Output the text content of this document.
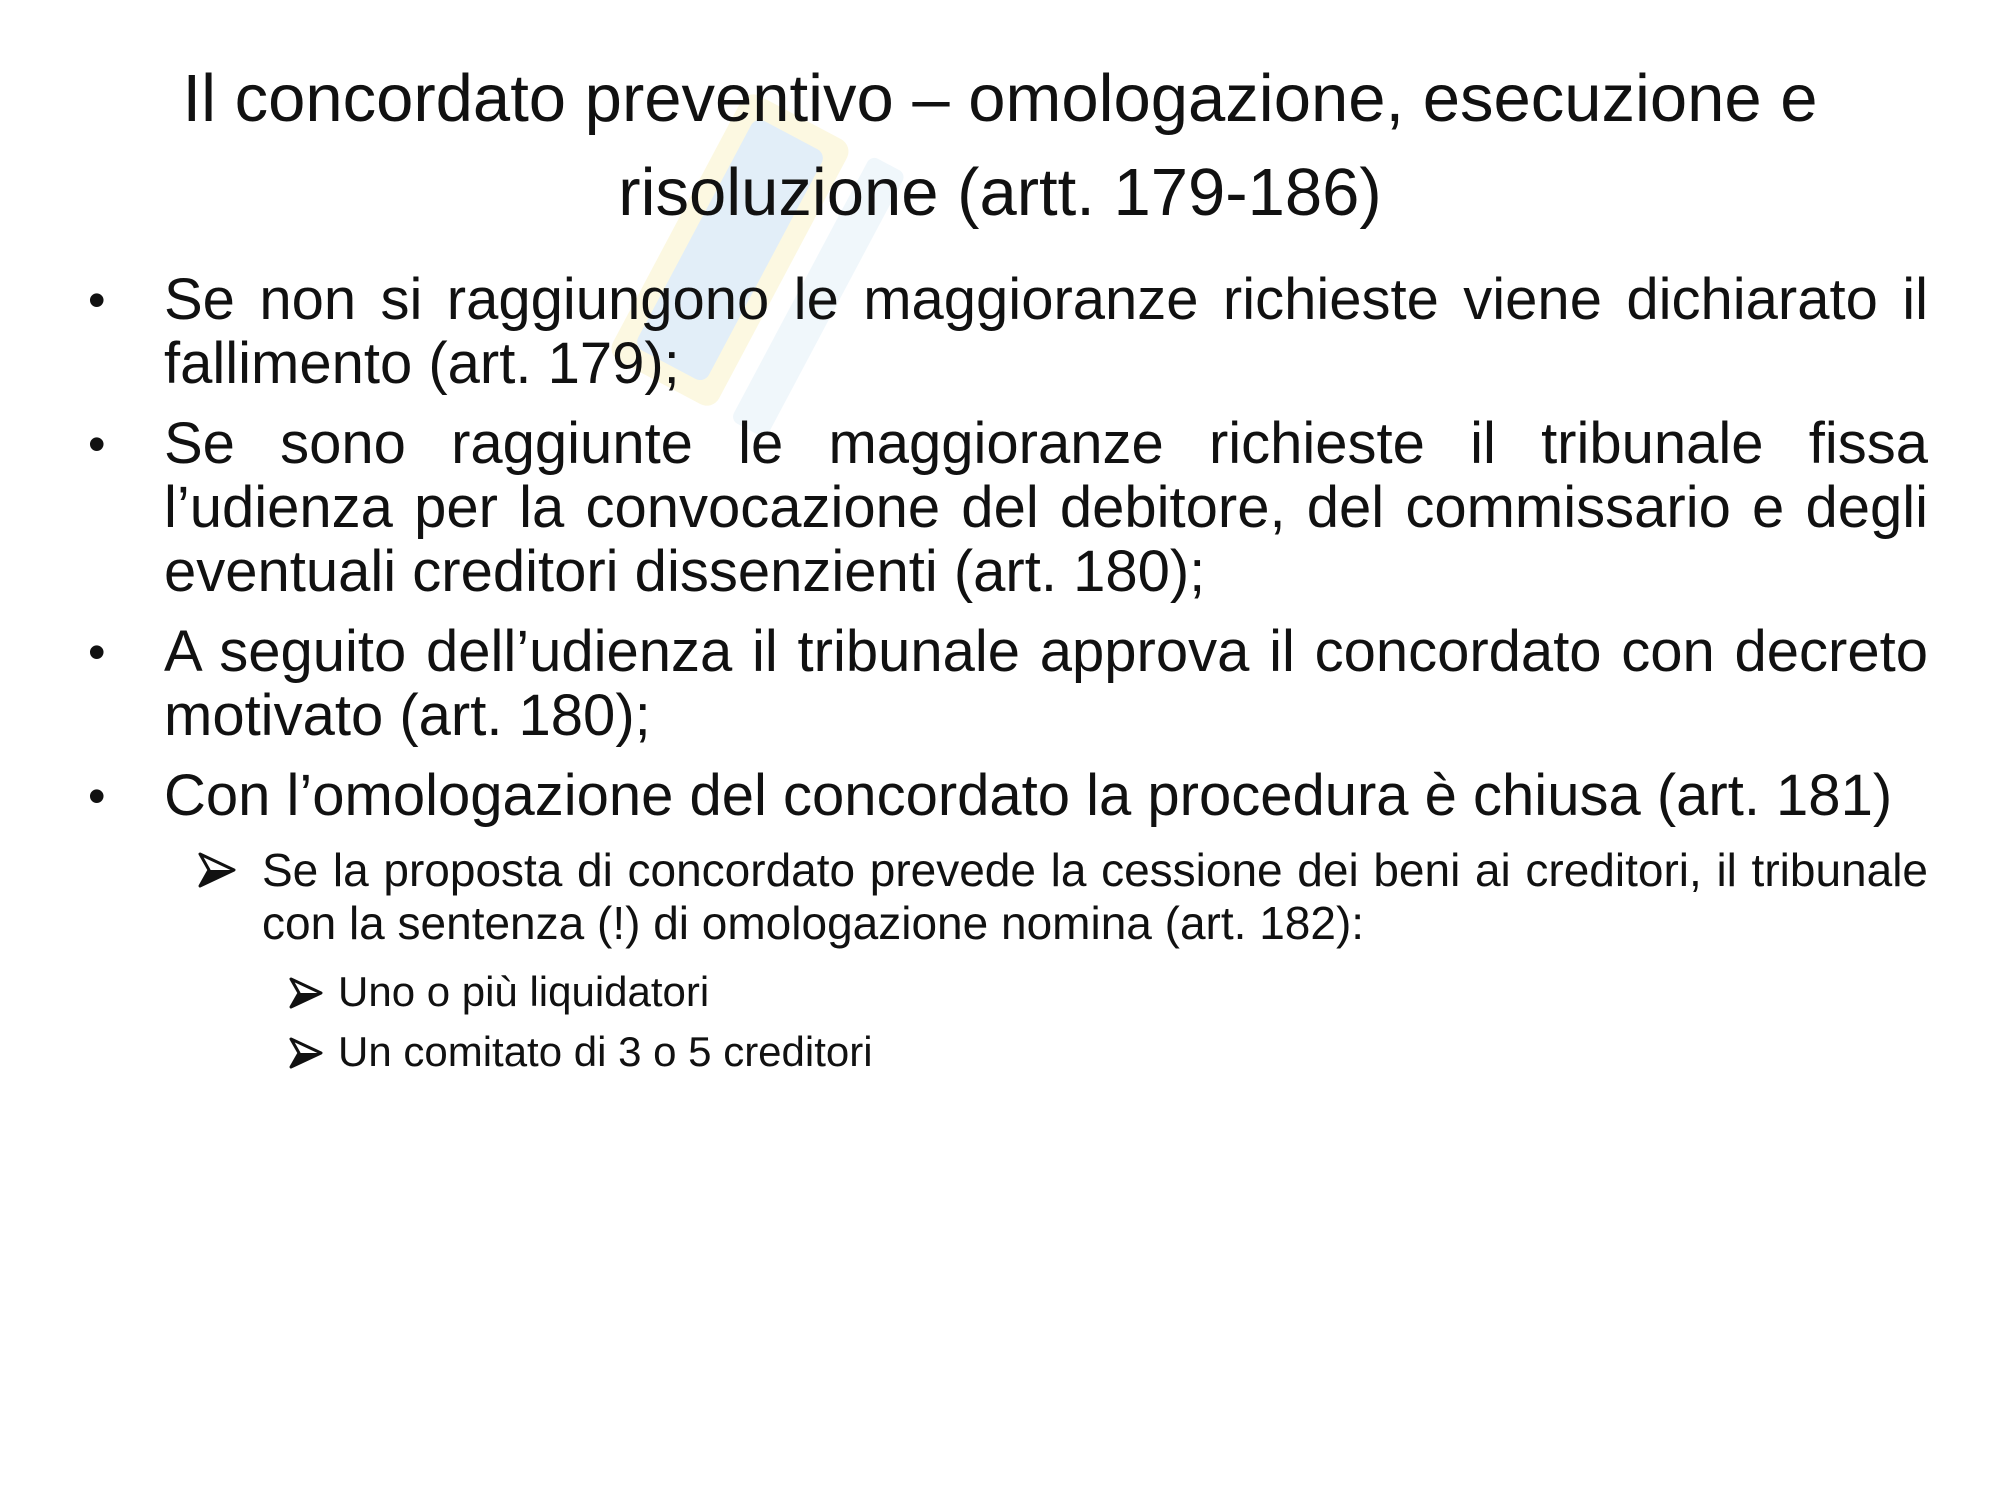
Il concordato preventivo – omologazione, esecuzione e risoluzione (artt. 179-186)
• Se non si raggiungono le maggioranze richieste viene dichiarato il fallimento (art. 179);
• Se sono raggiunte le maggioranze richieste il tribunale fissa l’udienza per la convocazione del debitore, del commissario e degli eventuali creditori dissenzienti (art. 180);
• A seguito dell’udienza il tribunale approva il concordato con decreto motivato (art. 180);
• Con l’omologazione del concordato la procedura è chiusa (art. 181)
Se la proposta di concordato prevede la cessione dei beni ai creditori, il tribunale con la sentenza (!) di omologazione nomina (art. 182):
Uno o più liquidatori
Un comitato di 3 o 5 creditori
